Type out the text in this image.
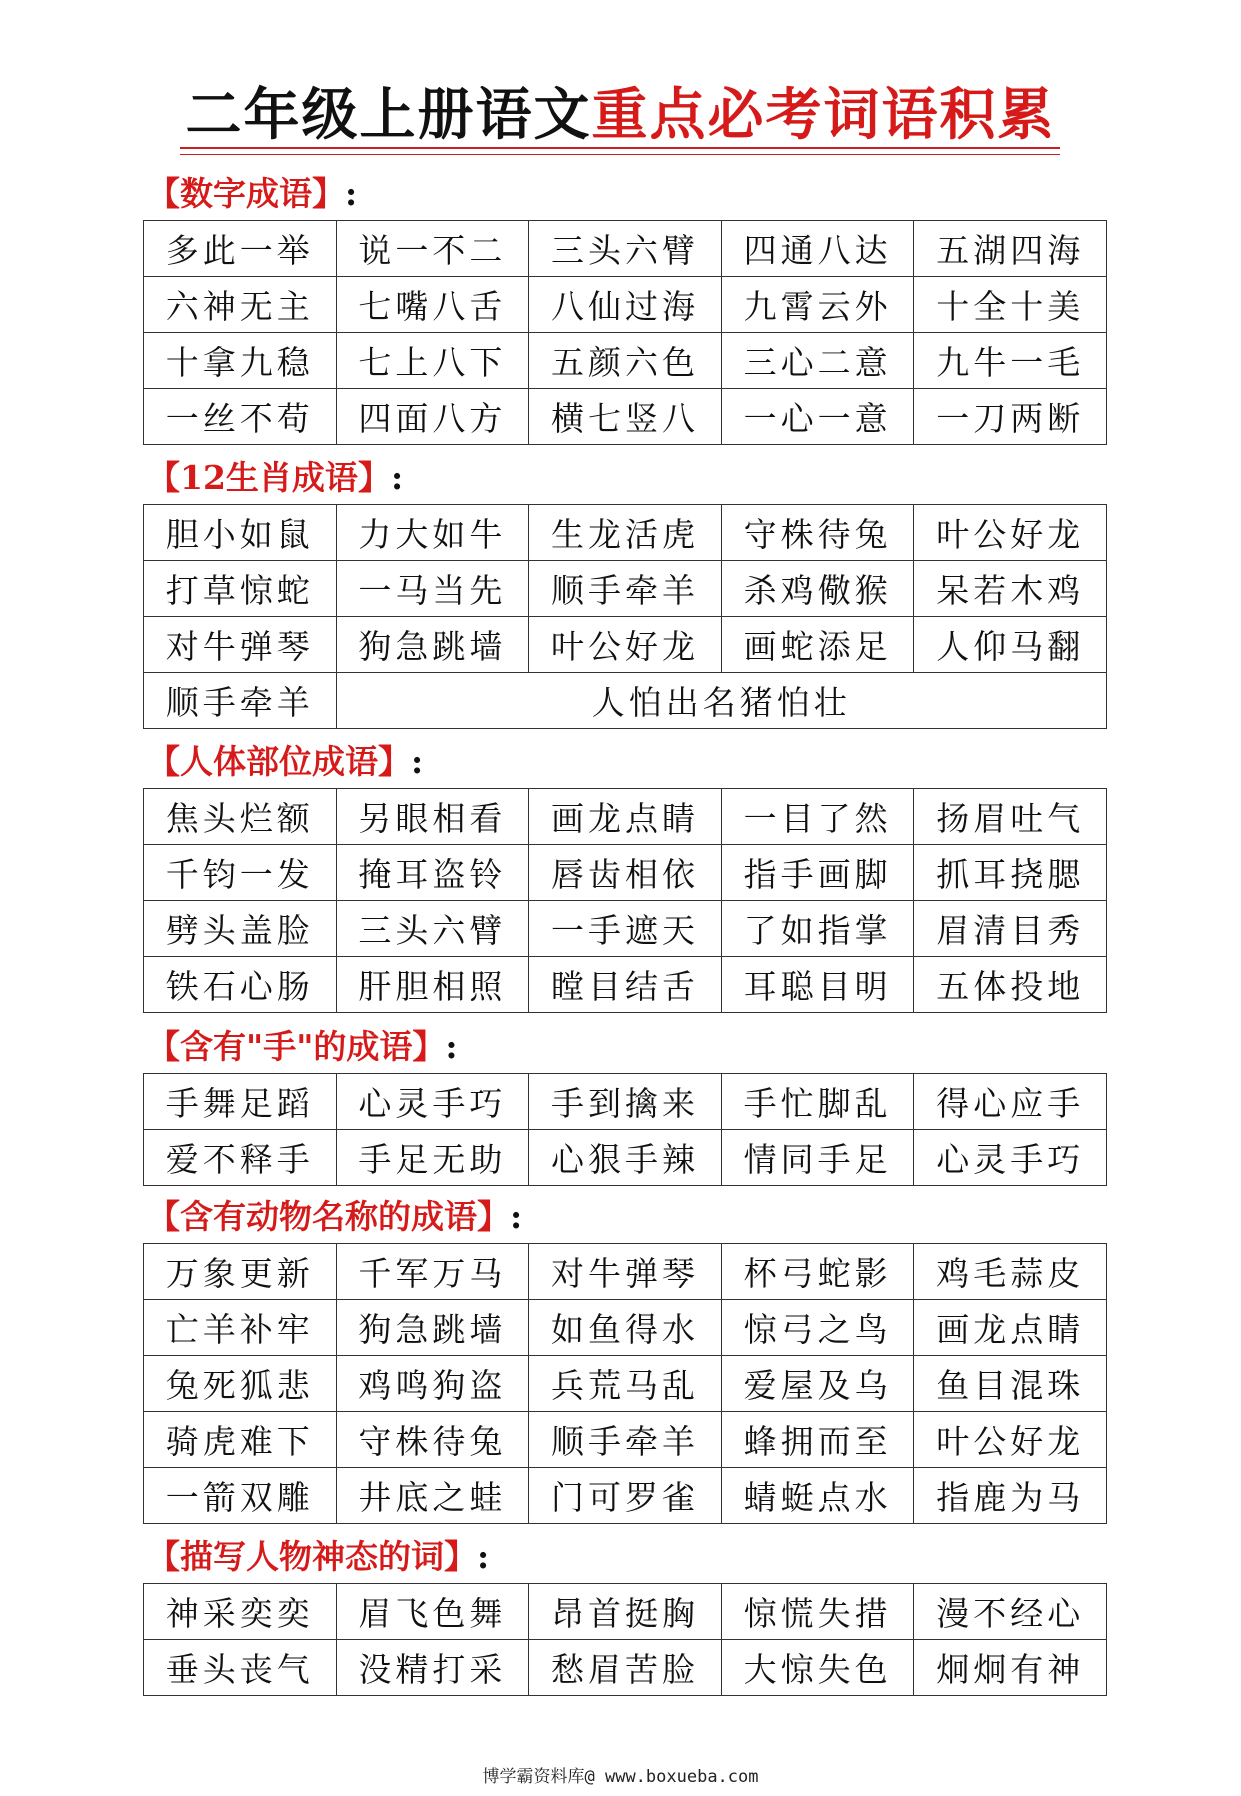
二年级上册语文重点必考词语积累
【数字成语】:
多此一举	说一不二	三头六臂	四通八达	五湖四海
六神无主	七嘴八舌	八仙过海	九霄云外	十全十美
十拿九稳	七上八下	五颜六色	三心二意	九牛一毛
一丝不苟	四面八方	横七竖八	一心一意	一刀两断
【12生肖成语】:
胆小如鼠	力大如牛	生龙活虎	守株待兔	叶公好龙
打草惊蛇	一马当先	顺手牵羊	杀鸡儆猴	呆若木鸡
对牛弹琴	狗急跳墙	叶公好龙	画蛇添足	人仰马翻
顺手牵羊	人怕出名猪怕壮			
【人体部位成语】:
焦头烂额	另眼相看	画龙点睛	一目了然	扬眉吐气
千钧一发	掩耳盗铃	唇齿相依	指手画脚	抓耳挠腮
劈头盖脸	三头六臂	一手遮天	了如指掌	眉清目秀
铁石心肠	肝胆相照	瞠目结舌	耳聪目明	五体投地
【含有"手"的成语】:
手舞足蹈	心灵手巧	手到擒来	手忙脚乱	得心应手
爱不释手	手足无助	心狠手辣	情同手足	心灵手巧
【含有动物名称的成语】:
万象更新	千军万马	对牛弹琴	杯弓蛇影	鸡毛蒜皮
亡羊补牢	狗急跳墙	如鱼得水	惊弓之鸟	画龙点睛
兔死狐悲	鸡鸣狗盗	兵荒马乱	爱屋及乌	鱼目混珠
骑虎难下	守株待兔	顺手牵羊	蜂拥而至	叶公好龙
一箭双雕	井底之蛙	门可罗雀	蜻蜓点水	指鹿为马
【描写人物神态的词】:
神采奕奕	眉飞色舞	昂首挺胸	惊慌失措	漫不经心
垂头丧气	没精打采	愁眉苦脸	大惊失色	炯炯有神
博学霸资料库@ www.boxueba.com
